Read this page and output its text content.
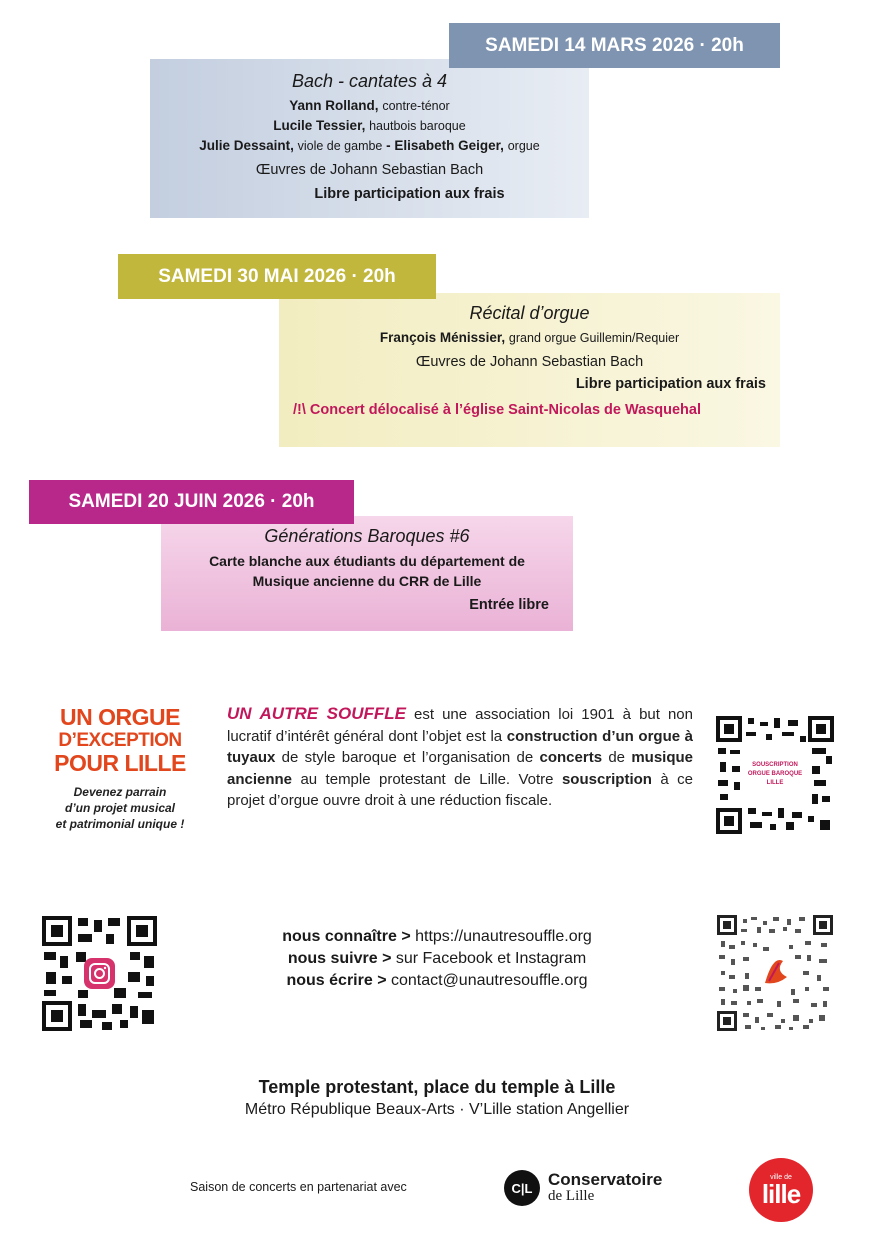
Bach - cantates à 4
Yann Rolland, contre-ténor
Lucile Tessier, hautbois baroque
Julie Dessaint, viole de gambe - Elisabeth Geiger, orgue
Œuvres de Johann Sebastian Bach
Libre participation aux frais
SAMEDI 14 MARS 2026 · 20h
Récital d’orgue
François Ménissier, grand orgue Guillemin/Requier
Œuvres de Johann Sebastian Bach
Libre participation aux frais
/!\ Concert délocalisé à l’église Saint-Nicolas de Wasquehal
SAMEDI 30 MAI 2026 · 20h
Générations Baroques #6
Carte blanche aux étudiants du département de
Musique ancienne du CRR de Lille
Entrée libre
SAMEDI 20 JUIN 2026 · 20h
UN ORGUE
D’EXCEPTION
POUR LILLE
Devenez parrain
d’un projet musical
et patrimonial unique !
UN AUTRE SOUFFLE est une association loi 1901 à but non lucratif d’intérêt général dont l’objet est la construction d’un orgue à tuyaux de style baroque et l’organisation de concerts de musique ancienne au temple protestant de Lille. Votre souscription à ce projet d’orgue ouvre droit à une réduction fiscale.
SOUSCRIPTION
ORGUE BAROQUE
LILLE
nous connaître > https://unautresouffle.org
nous suivre > sur Facebook et Instagram
nous écrire > contact@unautresouffle.org
Temple protestant, place du temple à Lille
Métro République Beaux-Arts · V’Lille station Angellier
Saison de concerts en partenariat avec	C|L Conservatoire
de Lille
ville de
lille
